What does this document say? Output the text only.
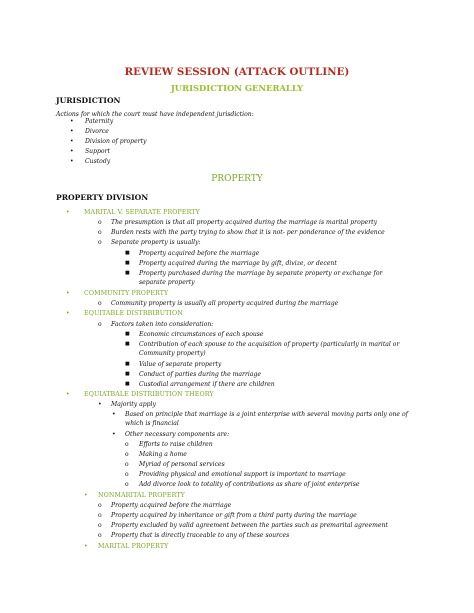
REVIEW SESSION (ATTACK OUTLINE)
JURISDICTION GENERALLY
JURISDICTION
Actions for which the court must have independent jurisdiction:
• Paternity
• Divorce
• Division of property
• Support
• Custody
PROPERTY
PROPERTY DIVISION
• MARITAL V. SEPARATE PROPERTY
o The presumption is that all property acquired during the marriage is marital property
o Burden rests with the party trying to show that it is not- per ponderance of the evidence
o Separate property is usually:
■ Property acquired before the marriage
■ Property acquired during the marriage by gift, divize, or decent
■ Property purchased during the marriage by separate property or exchange for separate property
• COMMUNITY PROPERTY
o Community property is usually all property acquired during the marriage
• EQUITABLE DISTRBIBUTION
o Factors taken into consideration:
■ Economic circumstances of each spouse
■ Contribution of each spouse to the acquisition of property (particularly in marital or Community property)
■ Value of separate property
■ Conduct of parties during the marriage
■ Custodial arrangement if there are children
• EQUIATBALE DISTRIBUTION THEORY
• Majority apply
• Based on principle that marriage is a joint enterprise with several moving parts only one of which is financial
• Other necessary components are:
o Efforts to raise children
o Making a home
o Myriad of personal services
o Providing physical and emotional support is important to marriage
o Add divorce look to totality of contributions as share of joint enterprise
• NONMARITAL PROPERTY
o Property acquired before the marriage
o Property acquired by inheritance or gift from a third party during the marriage
o Property excluded by valid agreement between the parties such as premarital agreement
o Property that is directly traceable to any of these sources
• MARITAL PROPERTY
